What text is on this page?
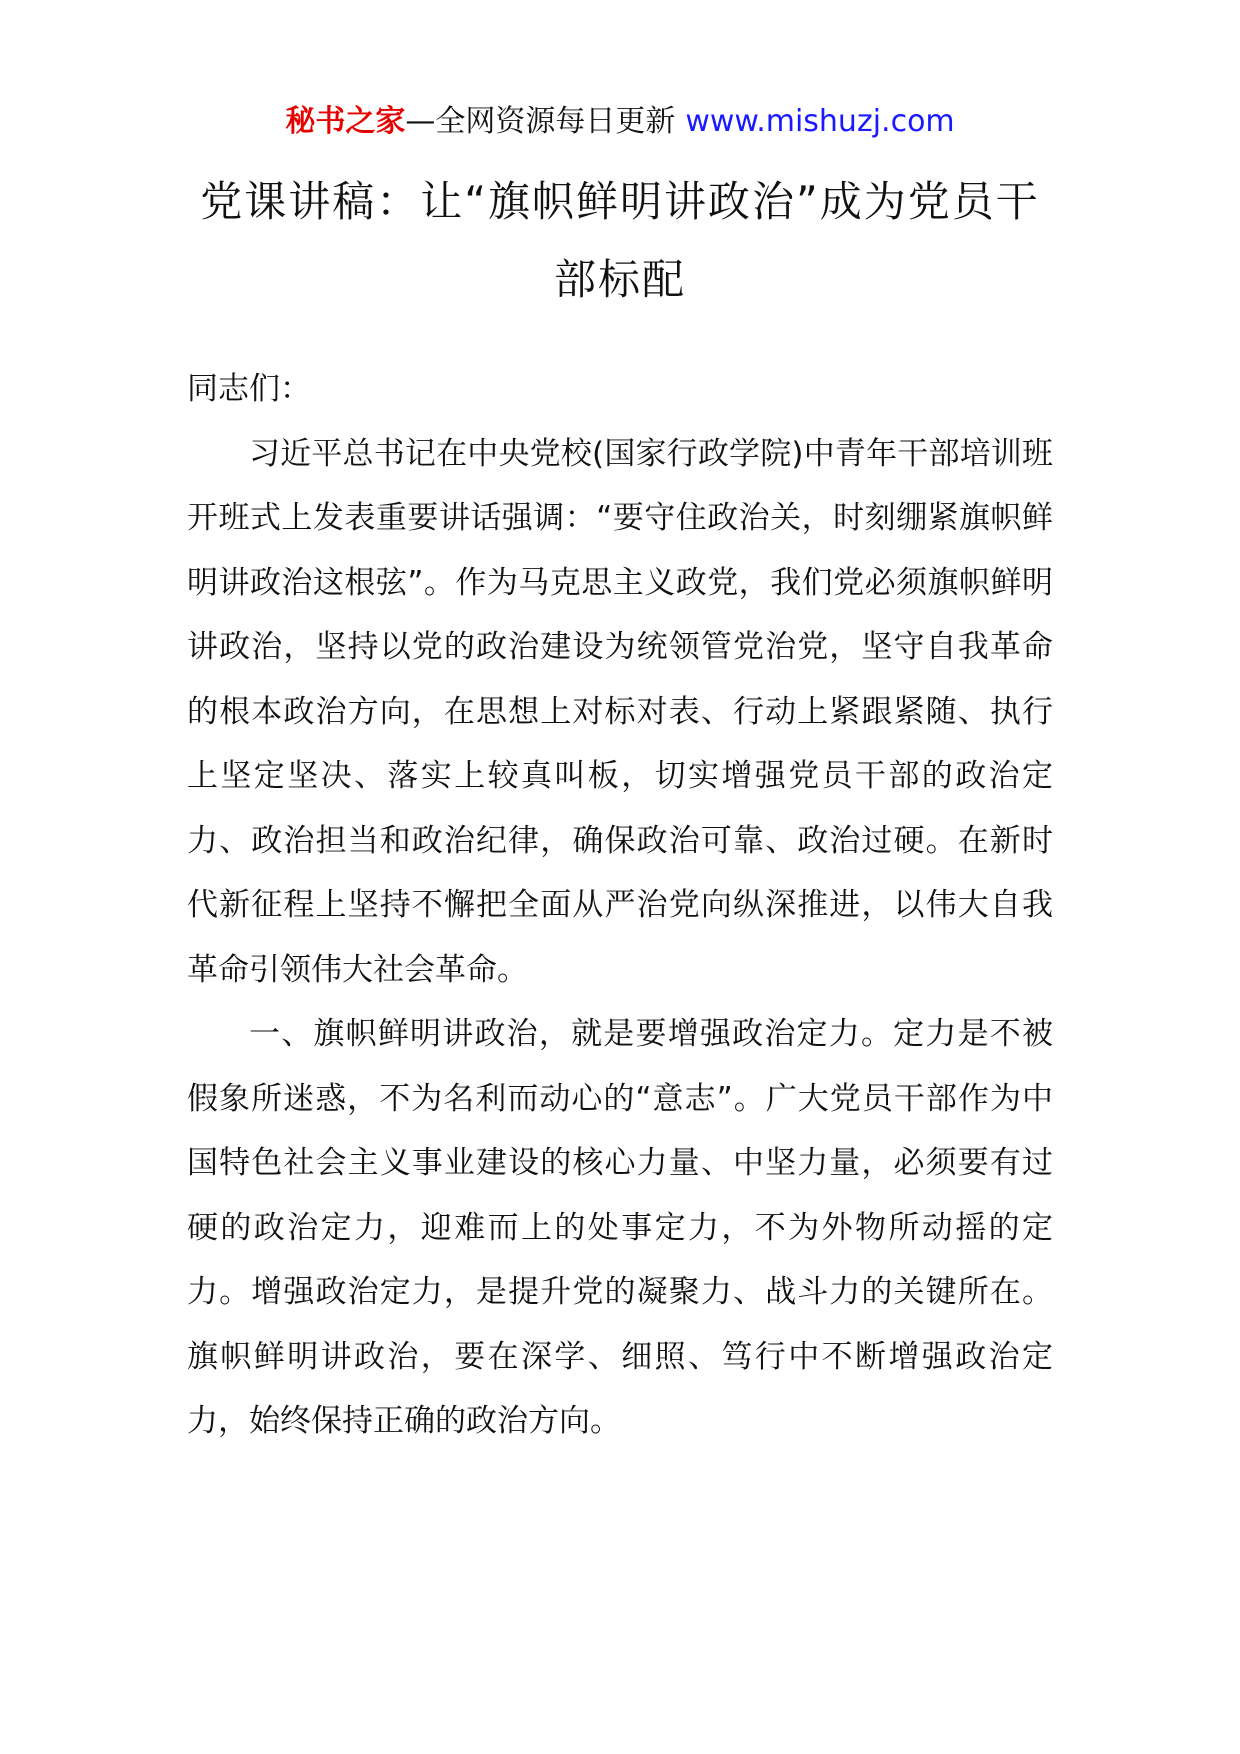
秘书之家—全网资源每日更新 www.mishuzj.com
党课讲稿：让“旗帜鲜明讲政治”成为党员干部标配

同志们：

习近平总书记在中央党校(国家行政学院)中青年干部培训班开班式上发表重要讲话强调：“要守住政治关，时刻绷紧旗帜鲜明讲政治这根弦”。作为马克思主义政党，我们党必须旗帜鲜明讲政治，坚持以党的政治建设为统领管党治党，坚守自我革命的根本政治方向，在思想上对标对表、行动上紧跟紧随、执行上坚定坚决、落实上较真叫板，切实增强党员干部的政治定力、政治担当和政治纪律，确保政治可靠、政治过硬。在新时代新征程上坚持不懈把全面从严治党向纵深推进，以伟大自我革命引领伟大社会革命。

一、旗帜鲜明讲政治，就是要增强政治定力。定力是不被假象所迷惑，不为名利而动心的“意志”。广大党员干部作为中国特色社会主义事业建设的核心力量、中坚力量，必须要有过硬的政治定力，迎难而上的处事定力，不为外物所动摇的定力。增强政治定力，是提升党的凝聚力、战斗力的关键所在。旗帜鲜明讲政治，要在深学、细照、笃行中不断增强政治定力，始终保持正确的政治方向。
